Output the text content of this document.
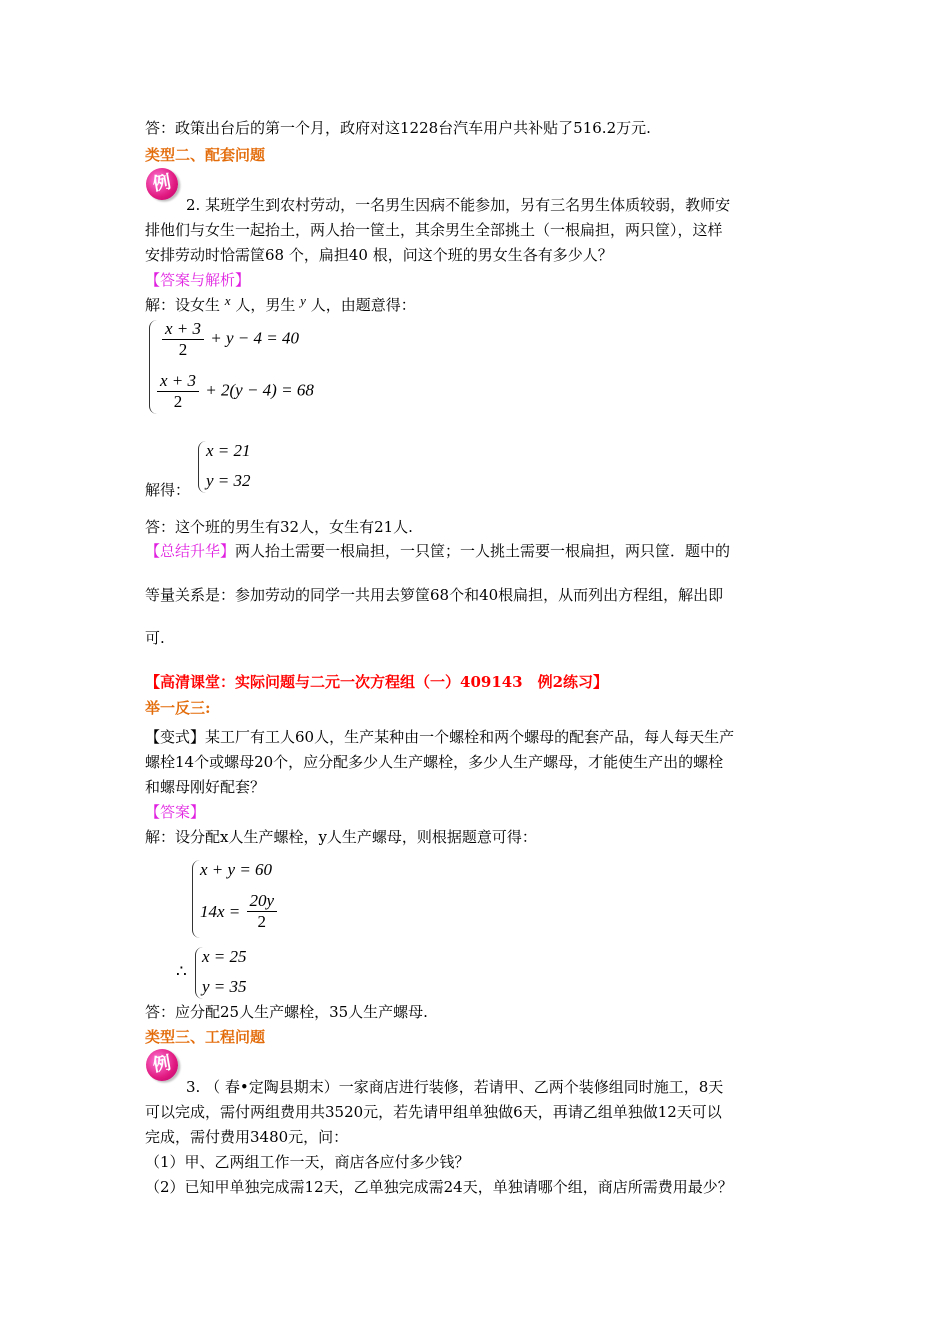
答：政策出台后的第一个月，政府对这1228台汽车用户共补贴了516.2万元.
类型二、配套问题
例
2. 某班学生到农村劳动，一名男生因病不能参加，另有三名男生体质较弱，教师安
排他们与女生一起抬土，两人抬一筐土，其余男生全部挑土（一根扁担，两只筐），这样
安排劳动时恰需筐68 个，扁担40 根，问这个班的男女生各有多少人？
【答案与解析】
解：设女生 x 人，男生 y 人，由题意得：
$\frac{x + 3}{2} + y - 4 = 40$
$\frac{x + 3}{2} + 2(y - 4) = 68$
x = 21
y = 32
解得：
答：这个班的男生有32人，女生有21人.
【总结升华】两人抬土需要一根扁担，一只筐；一人挑土需要一根扁担，两只筐．题中的
等量关系是：参加劳动的同学一共用去箩筐68个和40根扁担，从而列出方程组，解出即
可.
【高清课堂：实际问题与二元一次方程组（一）409143　例2练习】
举一反三:
【变式】某工厂有工人60人，生产某种由一个螺栓和两个螺母的配套产品，每人每天生产
螺栓14个或螺母20个，应分配多少人生产螺栓，多少人生产螺母，才能使生产出的螺栓
和螺母刚好配套？
【答案】
解：设分配x人生产螺栓，y人生产螺母，则根据题意可得：
x + y = 60
$14x = \frac{20y}{2}$
∴
x = 25
y = 35
答：应分配25人生产螺栓，35人生产螺母.
类型三、工程问题
例
3. （ 春•定陶县期末）一家商店进行装修，若请甲、乙两个装修组同时施工，8天
可以完成，需付两组费用共3520元，若先请甲组单独做6天，再请乙组单独做12天可以
完成，需付费用3480元，问：
（1）甲、乙两组工作一天，商店各应付多少钱？
（2）已知甲单独完成需12天，乙单独完成需24天，单独请哪个组，商店所需费用最少？
